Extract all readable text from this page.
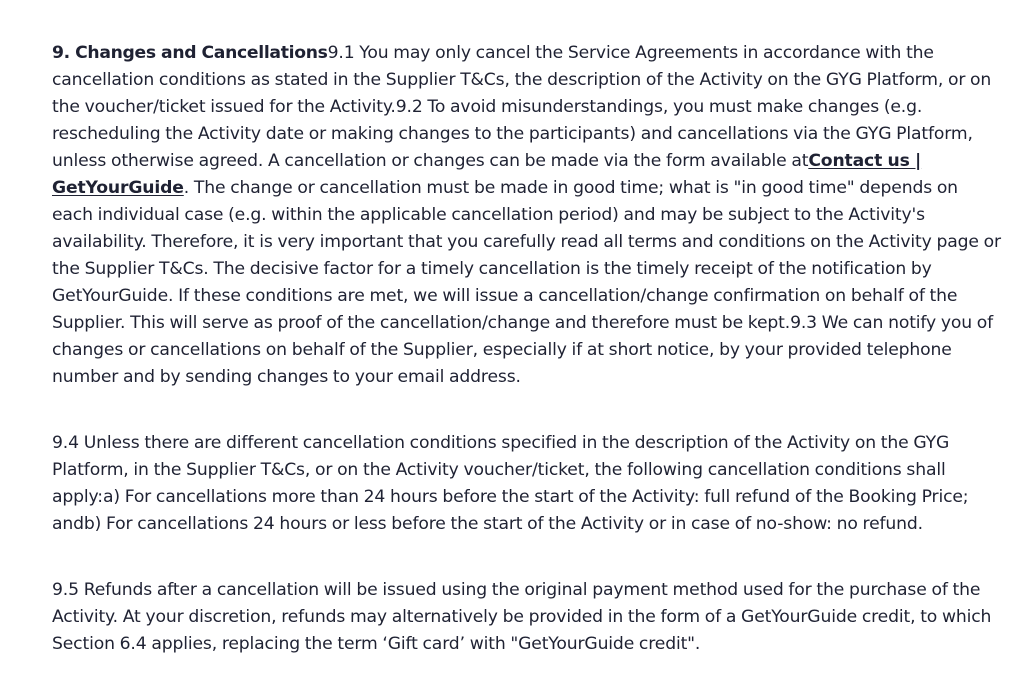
9. Changes and Cancellations9.1 You may only cancel the Service Agreements in accordance with the cancellation conditions as stated in the Supplier T&Cs, the description of the Activity on the GYG Platform, or on the voucher/ticket issued for the Activity.9.2 To avoid misunderstandings, you must make changes (e.g. rescheduling the Activity date or making changes to the participants) and cancellations via the GYG Platform, unless otherwise agreed. A cancellation or changes can be made via the form available atContact us | GetYourGuide. The change or cancellation must be made in good time; what is "in good time" depends on each individual case (e.g. within the applicable cancellation period) and may be subject to the Activity's availability. Therefore, it is very important that you carefully read all terms and conditions on the Activity page or the Supplier T&Cs. The decisive factor for a timely cancellation is the timely receipt of the notification by GetYourGuide. If these conditions are met, we will issue a cancellation/change confirmation on behalf of the Supplier. This will serve as proof of the cancellation/change and therefore must be kept.9.3 We can notify you of changes or cancellations on behalf of the Supplier, especially if at short notice, by your provided telephone number and by sending changes to your email address.

9.4 Unless there are different cancellation conditions specified in the description of the Activity on the GYG Platform, in the Supplier T&Cs, or on the Activity voucher/ticket, the following cancellation conditions shall apply:a) For cancellations more than 24 hours before the start of the Activity: full refund of the Booking Price; andb) For cancellations 24 hours or less before the start of the Activity or in case of no-show: no refund.

9.5 Refunds after a cancellation will be issued using the original payment method used for the purchase of the Activity. At your discretion, refunds may alternatively be provided in the form of a GetYourGuide credit, to which Section 6.4 applies, replacing the term ‘Gift card’ with "GetYourGuide credit".
